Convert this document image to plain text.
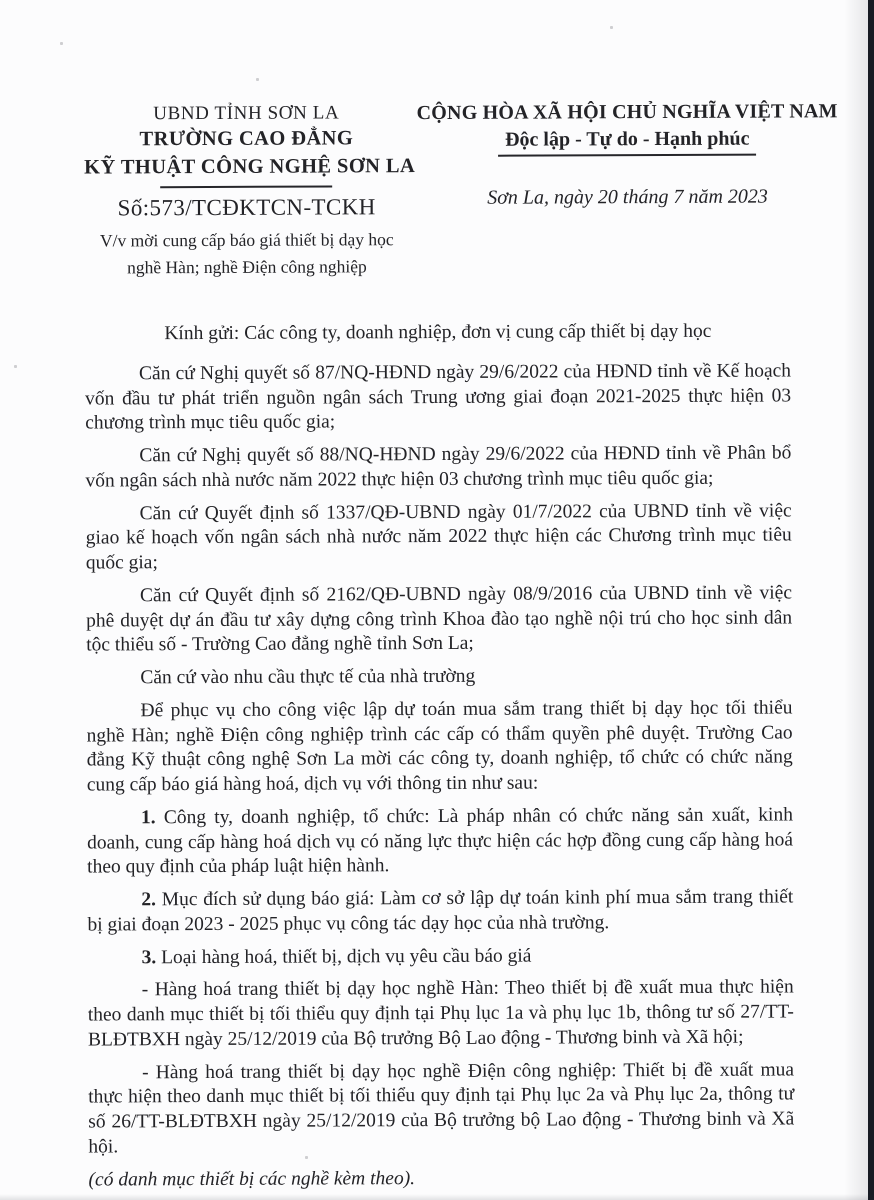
UBND TỈNH SƠN LA
TRƯỜNG CAO ĐẲNG
KỸ THUẬT CÔNG NGHỆ SƠN LA
Số:573/TCĐKTCN-TCKH
V/v mời cung cấp báo giá thiết bị dạy học
nghề Hàn; nghề Điện công nghiệp
CỘNG HÒA XÃ HỘI CHỦ NGHĨA VIỆT NAM
Độc lập - Tự do - Hạnh phúc
Sơn La, ngày 20 tháng 7 năm 2023
Kính gửi: Các công ty, doanh nghiệp, đơn vị cung cấp thiết bị dạy học

Căn cứ Nghị quyết số 87/NQ-HĐND ngày 29/6/2022 của HĐND tỉnh về Kế hoạch vốn đầu tư phát triển nguồn ngân sách Trung ương giai đoạn 2021-2025 thực hiện 03 chương trình mục tiêu quốc gia;

Căn cứ Nghị quyết số 88/NQ-HĐND ngày 29/6/2022 của HĐND tỉnh về Phân bổ vốn ngân sách nhà nước năm 2022 thực hiện 03 chương trình mục tiêu quốc gia;

Căn cứ Quyết định số 1337/QĐ-UBND ngày 01/7/2022 của UBND tỉnh về việc giao kế hoạch vốn ngân sách nhà nước năm 2022 thực hiện các Chương trình mục tiêu quốc gia;

Căn cứ Quyết định số 2162/QĐ-UBND ngày 08/9/2016 của UBND tỉnh về việc phê duyệt dự án đầu tư xây dựng công trình Khoa đào tạo nghề nội trú cho học sinh dân tộc thiểu số - Trường Cao đẳng nghề tỉnh Sơn La;

Căn cứ vào nhu cầu thực tế của nhà trường

Để phục vụ cho công việc lập dự toán mua sắm trang thiết bị dạy học tối thiểu nghề Hàn; nghề Điện công nghiệp trình các cấp có thẩm quyền phê duyệt. Trường Cao đẳng Kỹ thuật công nghệ Sơn La mời các công ty, doanh nghiệp, tổ chức có chức năng cung cấp báo giá hàng hoá, dịch vụ với thông tin như sau:

1. Công ty, doanh nghiệp, tổ chức: Là pháp nhân có chức năng sản xuất, kinh doanh, cung cấp hàng hoá dịch vụ có năng lực thực hiện các hợp đồng cung cấp hàng hoá theo quy định của pháp luật hiện hành.

2. Mục đích sử dụng báo giá: Làm cơ sở lập dự toán kinh phí mua sắm trang thiết bị giai đoạn 2023 - 2025 phục vụ công tác dạy học của nhà trường.

3. Loại hàng hoá, thiết bị, dịch vụ yêu cầu báo giá

- Hàng hoá trang thiết bị dạy học nghề Hàn: Theo thiết bị đề xuất mua thực hiện theo danh mục thiết bị tối thiểu quy định tại Phụ lục 1a và phụ lục 1b, thông tư số 27/TT-BLĐTBXH ngày 25/12/2019 của Bộ trưởng Bộ Lao động - Thương binh và Xã hội;

- Hàng hoá trang thiết bị dạy học nghề Điện công nghiệp: Thiết bị đề xuất mua thực hiện theo danh mục thiết bị tối thiểu quy định tại Phụ lục 2a và Phụ lục 2a, thông tư số 26/TT-BLĐTBXH ngày 25/12/2019 của Bộ trưởng bộ Lao động - Thương binh và Xã hội.

(có danh mục thiết bị các nghề kèm theo).
